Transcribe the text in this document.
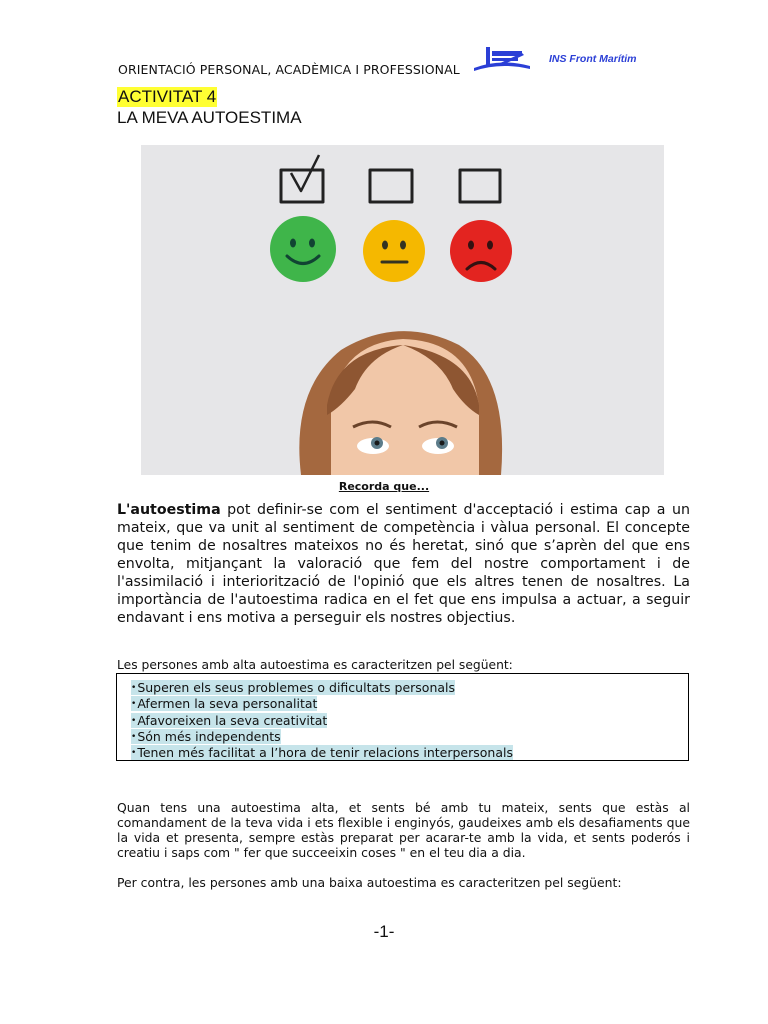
ORIENTACIÓ PERSONAL, ACADÈMICA I PROFESSIONAL
INS Front Marítim
ACTIVITAT 4
LA MEVA AUTOESTIMA
Recorda que...
L'autoestima pot definir-se com el sentiment d'acceptació i estima cap a un mateix, que va unit al sentiment de competència i vàlua personal. El concepte que tenim de nosaltres mateixos no és heretat, sinó que s’aprèn del que ens envolta, mitjançant la valoració que fem del nostre comportament i de l'assimilació i interiorització de l'opinió que els altres tenen de nosaltres. La importància de l'autoestima radica en el fet que ens impulsa a actuar, a seguir endavant i ens motiva a perseguir els nostres objectius.
Les persones amb alta autoestima es caracteritzen pel següent:
•Superen els seus problemes o dificultats personals
•Afermen la seva personalitat
•Afavoreixen la seva creativitat
•Són més independents
•Tenen més facilitat a l’hora de tenir relacions interpersonals
Quan tens una autoestima alta, et sents bé amb tu mateix, sents que estàs al comandament de la teva vida i ets flexible i enginyós, gaudeixes amb els desafiaments que la vida et presenta, sempre estàs preparat per acarar-te amb la vida, et sents poderós i creatiu i saps com " fer que succeeixin coses " en el teu dia a dia.
Per contra, les persones amb una baixa autoestima es caracteritzen pel següent:
-1-
